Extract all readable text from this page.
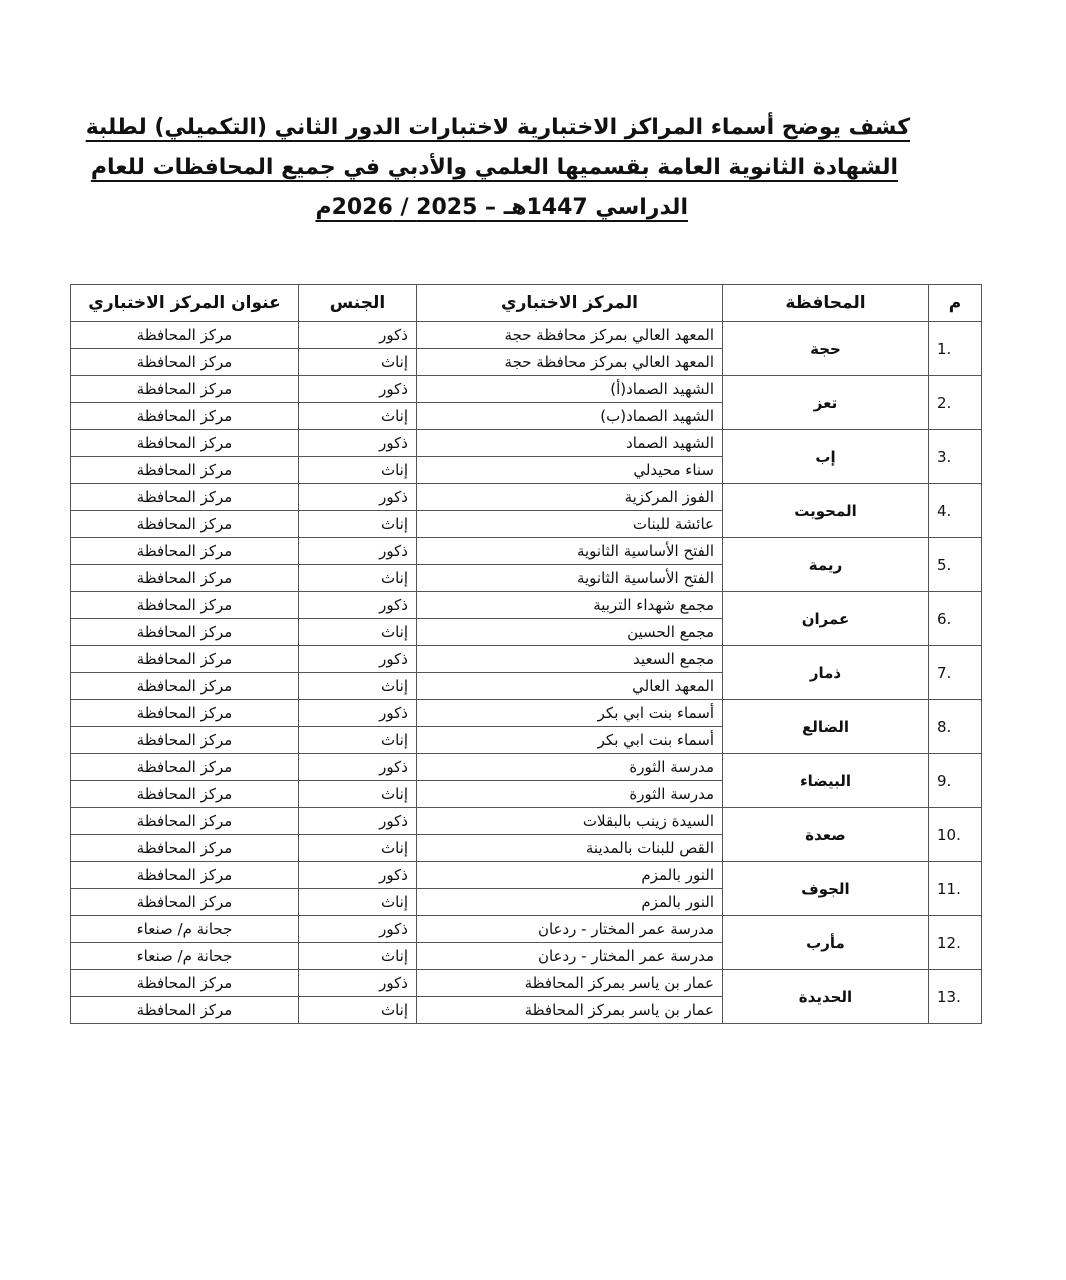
كشف يوضح أسماء المراكز الاختبارية لاختبارات الدور الثاني (التكميلي) لطلبة
الشهادة الثانوية العامة بقسميها العلمي والأدبي في جميع المحافظات للعام
الدراسي 1447هـ – 2025 / 2026م
م	المحافظة	المركز الاختباري	الجنس	عنوان المركز الاختباري
1.	حجة	المعهد العالي بمركز محافظة حجة	ذكور	مركز المحافظة
		المعهد العالي بمركز محافظة حجة	إناث	مركز المحافظة
2.	تعز	الشهيد الصماد(أ)	ذكور	مركز المحافظة
		الشهيد الصماد(ب)	إناث	مركز المحافظة
3.	إب	الشهيد الصماد	ذكور	مركز المحافظة
		سناء محيدلي	إناث	مركز المحافظة
4.	المحويت	الفوز المركزية	ذكور	مركز المحافظة
		عائشة للبنات	إناث	مركز المحافظة
5.	ريمة	الفتح الأساسية الثانوية	ذكور	مركز المحافظة
		الفتح الأساسية الثانوية	إناث	مركز المحافظة
6.	عمران	مجمع شهداء التربية	ذكور	مركز المحافظة
		مجمع الحسين	إناث	مركز المحافظة
7.	ذمار	مجمع السعيد	ذكور	مركز المحافظة
		المعهد العالي	إناث	مركز المحافظة
8.	الضالع	أسماء بنت ابي بكر	ذكور	مركز المحافظة
		أسماء بنت ابي بكر	إناث	مركز المحافظة
9.	البيضاء	مدرسة الثورة	ذكور	مركز المحافظة
		مدرسة الثورة	إناث	مركز المحافظة
10.	صعدة	السيدة زينب بالبقلات	ذكور	مركز المحافظة
		القص للبنات بالمدينة	إناث	مركز المحافظة
11.	الجوف	النور بالمزم	ذكور	مركز المحافظة
		النور بالمزم	إناث	مركز المحافظة
12.	مأرب	مدرسة عمر المختار - ردعان	ذكور	جحانة م/ صنعاء
		مدرسة عمر المختار - ردعان	إناث	جحانة م/ صنعاء
13.	الحديدة	عمار بن ياسر بمركز المحافظة	ذكور	مركز المحافظة
		عمار بن ياسر بمركز المحافظة	إناث	مركز المحافظة
